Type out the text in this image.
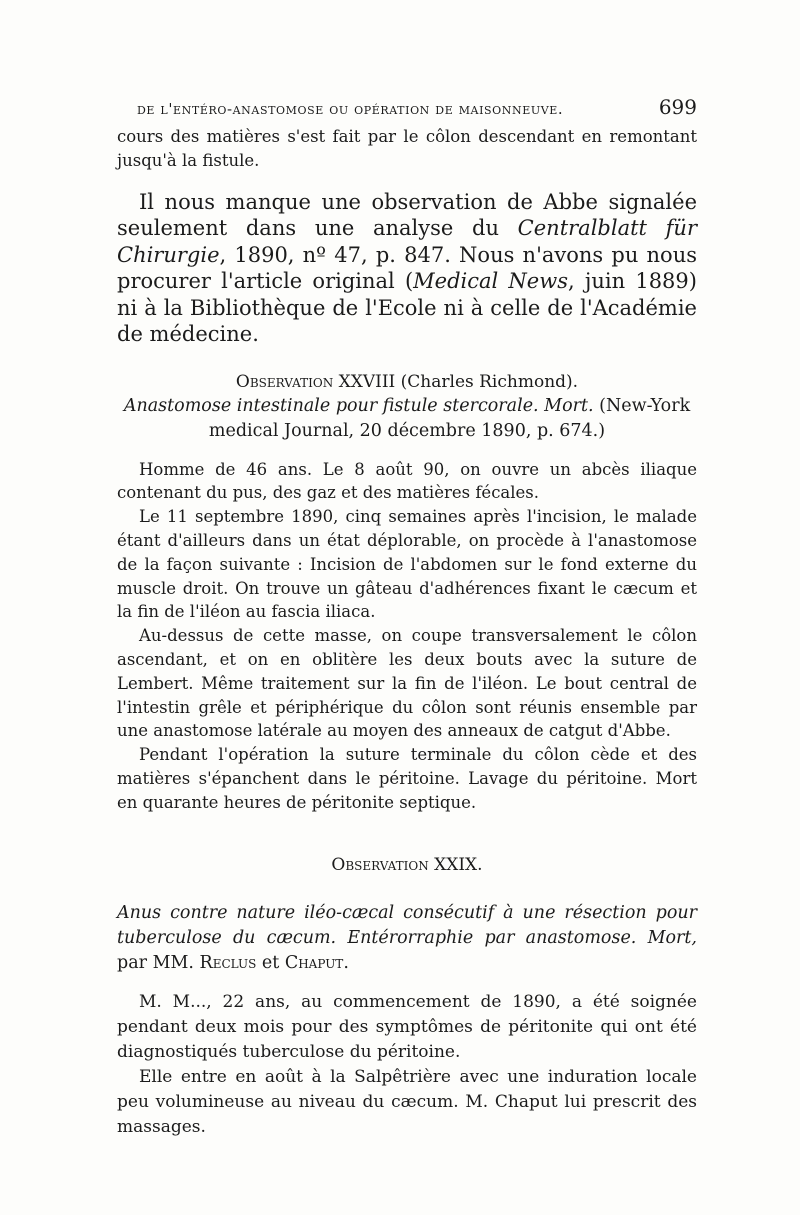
de l'entéro-anastomose ou opération de maisonneuve.	699

cours des matières s'est fait par le côlon descendant en remontant jusqu'à la fistule.

Il nous manque une observation de Abbe signalée seulement dans une analyse du Centralblatt für Chirurgie, 1890, nº 47, p. 847. Nous n'avons pu nous procurer l'article original (Medical News, juin 1889) ni à la Bibliothèque de l'Ecole ni à celle de l'Académie de médecine.

Observation XXVIII (Charles Richmond).

Anastomose intestinale pour fistule stercorale. Mort. (New-York medical Journal, 20 décembre 1890, p. 674.)

Homme de 46 ans. Le 8 août 90, on ouvre un abcès iliaque contenant du pus, des gaz et des matières fécales.

Le 11 septembre 1890, cinq semaines après l'incision, le malade étant d'ailleurs dans un état déplorable, on procède à l'anastomose de la façon suivante : Incision de l'abdomen sur le fond externe du muscle droit. On trouve un gâteau d'adhérences fixant le cæcum et la fin de l'iléon au fascia iliaca.

Au-dessus de cette masse, on coupe transversalement le côlon ascendant, et on en oblitère les deux bouts avec la suture de Lembert. Même traitement sur la fin de l'iléon. Le bout central de l'intestin grêle et périphérique du côlon sont réunis ensemble par une anastomose latérale au moyen des anneaux de catgut d'Abbe.

Pendant l'opération la suture terminale du côlon cède et des matières s'épanchent dans le péritoine. Lavage du péritoine. Mort en quarante heures de péritonite septique.

Observation XXIX.

Anus contre nature iléo-cæcal consécutif à une résection pour tuberculose du cæcum. Entérorraphie par anastomose. Mort, par MM. Reclus et Chaput.

M. M..., 22 ans, au commencement de 1890, a été soignée pendant deux mois pour des symptômes de péritonite qui ont été diagnostiqués tuberculose du péritoine.

Elle entre en août à la Salpêtrière avec une induration locale peu volumineuse au niveau du cæcum. M. Chaput lui prescrit des massages.
